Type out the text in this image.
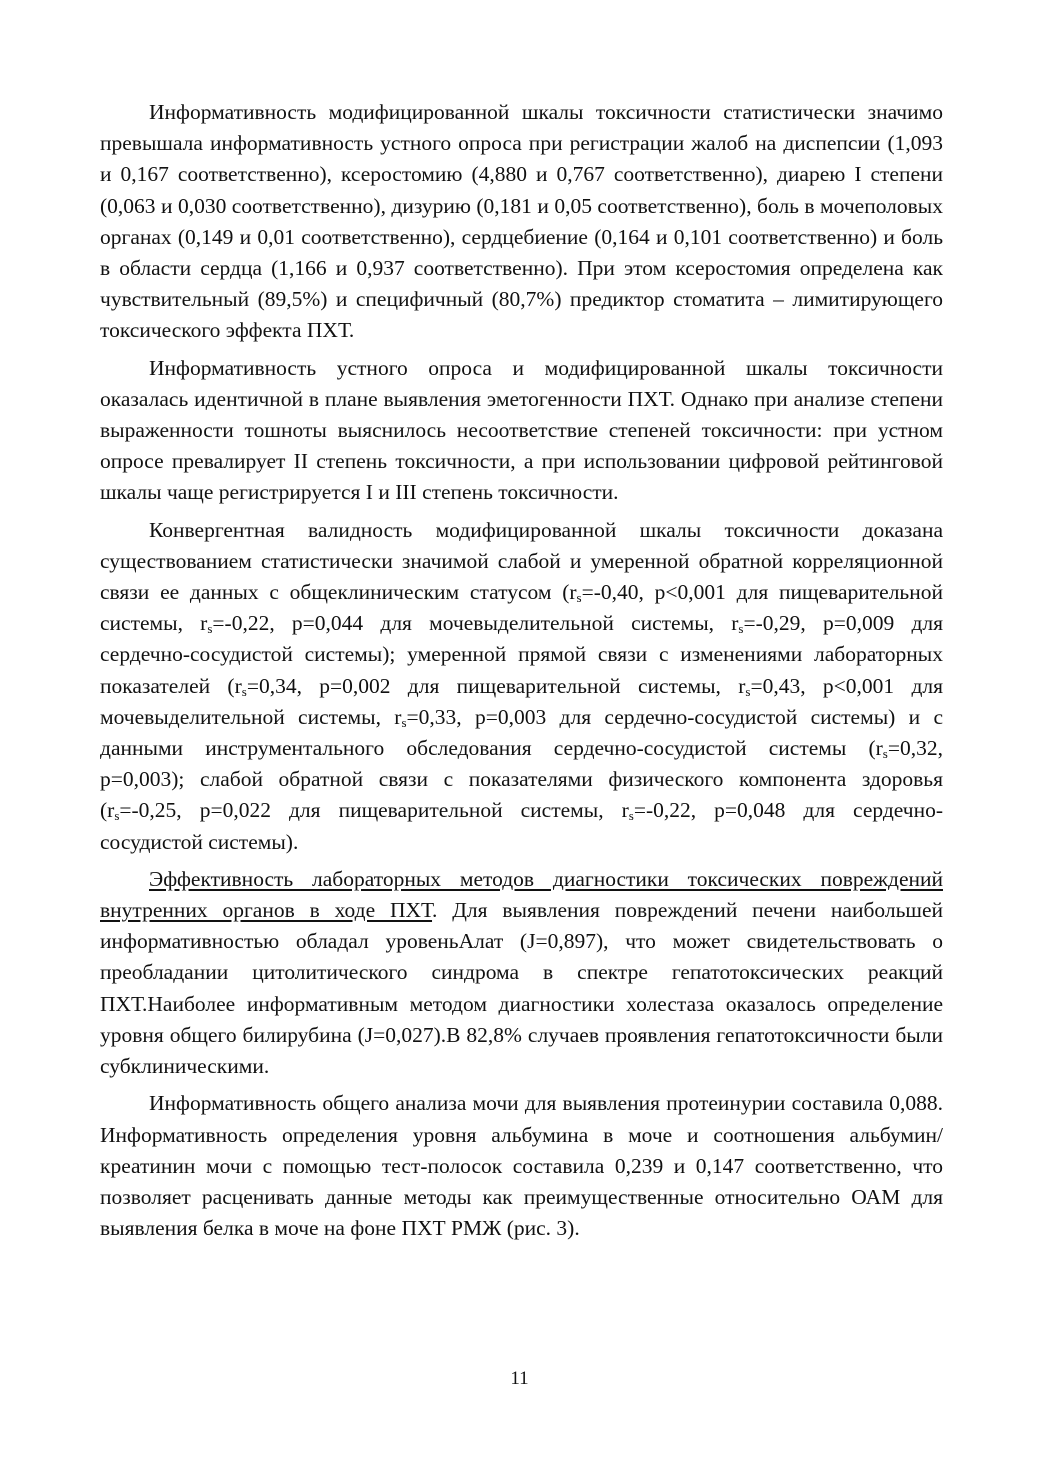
Информативность модифицированной шкалы токсичности статистически значимо превышала информативность устного опроса при регистрации жалоб на диспепсии (1,093 и 0,167 соответственно), ксеростомию (4,880 и 0,767 соответственно), диарею I степени (0,063 и 0,030 соответственно), дизурию (0,181 и 0,05 соответственно), боль в мочеполовых органах (0,149 и 0,01 соответственно), сердцебиение (0,164 и 0,101 соответственно) и боль в области сердца (1,166 и 0,937 соответственно). При этом ксеростомия определена как чувствительный (89,5%) и специфичный (80,7%) предиктор стоматита – лимитирующего токсического эффекта ПХТ.

Информативность устного опроса и модифицированной шкалы токсичности оказалась идентичной в плане выявления эметогенности ПХТ. Однако при анализе степени выраженности тошноты выяснилось несоответствие степеней токсичности: при устном опросе превалирует II степень токсичности, а при использовании цифровой рейтинговой шкалы чаще регистрируется I и III степень токсичности.

Конвергентная валидность модифицированной шкалы токсичности доказана существованием статистически значимой слабой и умеренной обратной корреляционной связи ее данных с общеклиническим статусом ($r_s=-0,40$, p<0,001 для пищеварительной системы, $r_s=-0,22$, p=0,044 для мочевыделительной системы, $r_s=-0,29$, p=0,009 для сердечно-сосудистой системы); умеренной прямой связи с изменениями лабораторных показателей ($r_s=0,34$, p=0,002 для пищеварительной системы, $r_s=0,43$, p<0,001 для мочевыделительной системы, $r_s=0,33$, p=0,003 для сердечно-сосудистой системы) и с данными инструментального обследования сердечно-сосудистой системы ($r_s=0,32$, p=0,003); слабой обратной связи с показателями физического компонента здоровья ($r_s=-0,25$, p=0,022 для пищеварительной системы, $r_s=-0,22$, p=0,048 для сердечно-сосудистой системы).

Эффективность лабораторных методов диагностики токсических повреждений внутренних органов в ходе ПХТ. Для выявления повреждений печени наибольшей информативностью обладал уровеньАлат (J=0,897), что может свидетельствовать о преобладании цитолитического синдрома в спектре гепатотоксических реакций ПХТ.Наиболее информативным методом диагностики холестаза оказалось определение уровня общего билирубина (J=0,027).В 82,8% случаев проявления гепатотоксичности были субклиническими.

Информативность общего анализа мочи для выявления протеинурии составила 0,088. Информативность определения уровня альбумина в моче и соотношения альбумин/креатинин мочи с помощью тест-полосок составила 0,239 и 0,147 соответственно, что позволяет расценивать данные методы как преимущественные относительно ОАМ для выявления белка в моче на фоне ПХТ РМЖ (рис. 3).

11
